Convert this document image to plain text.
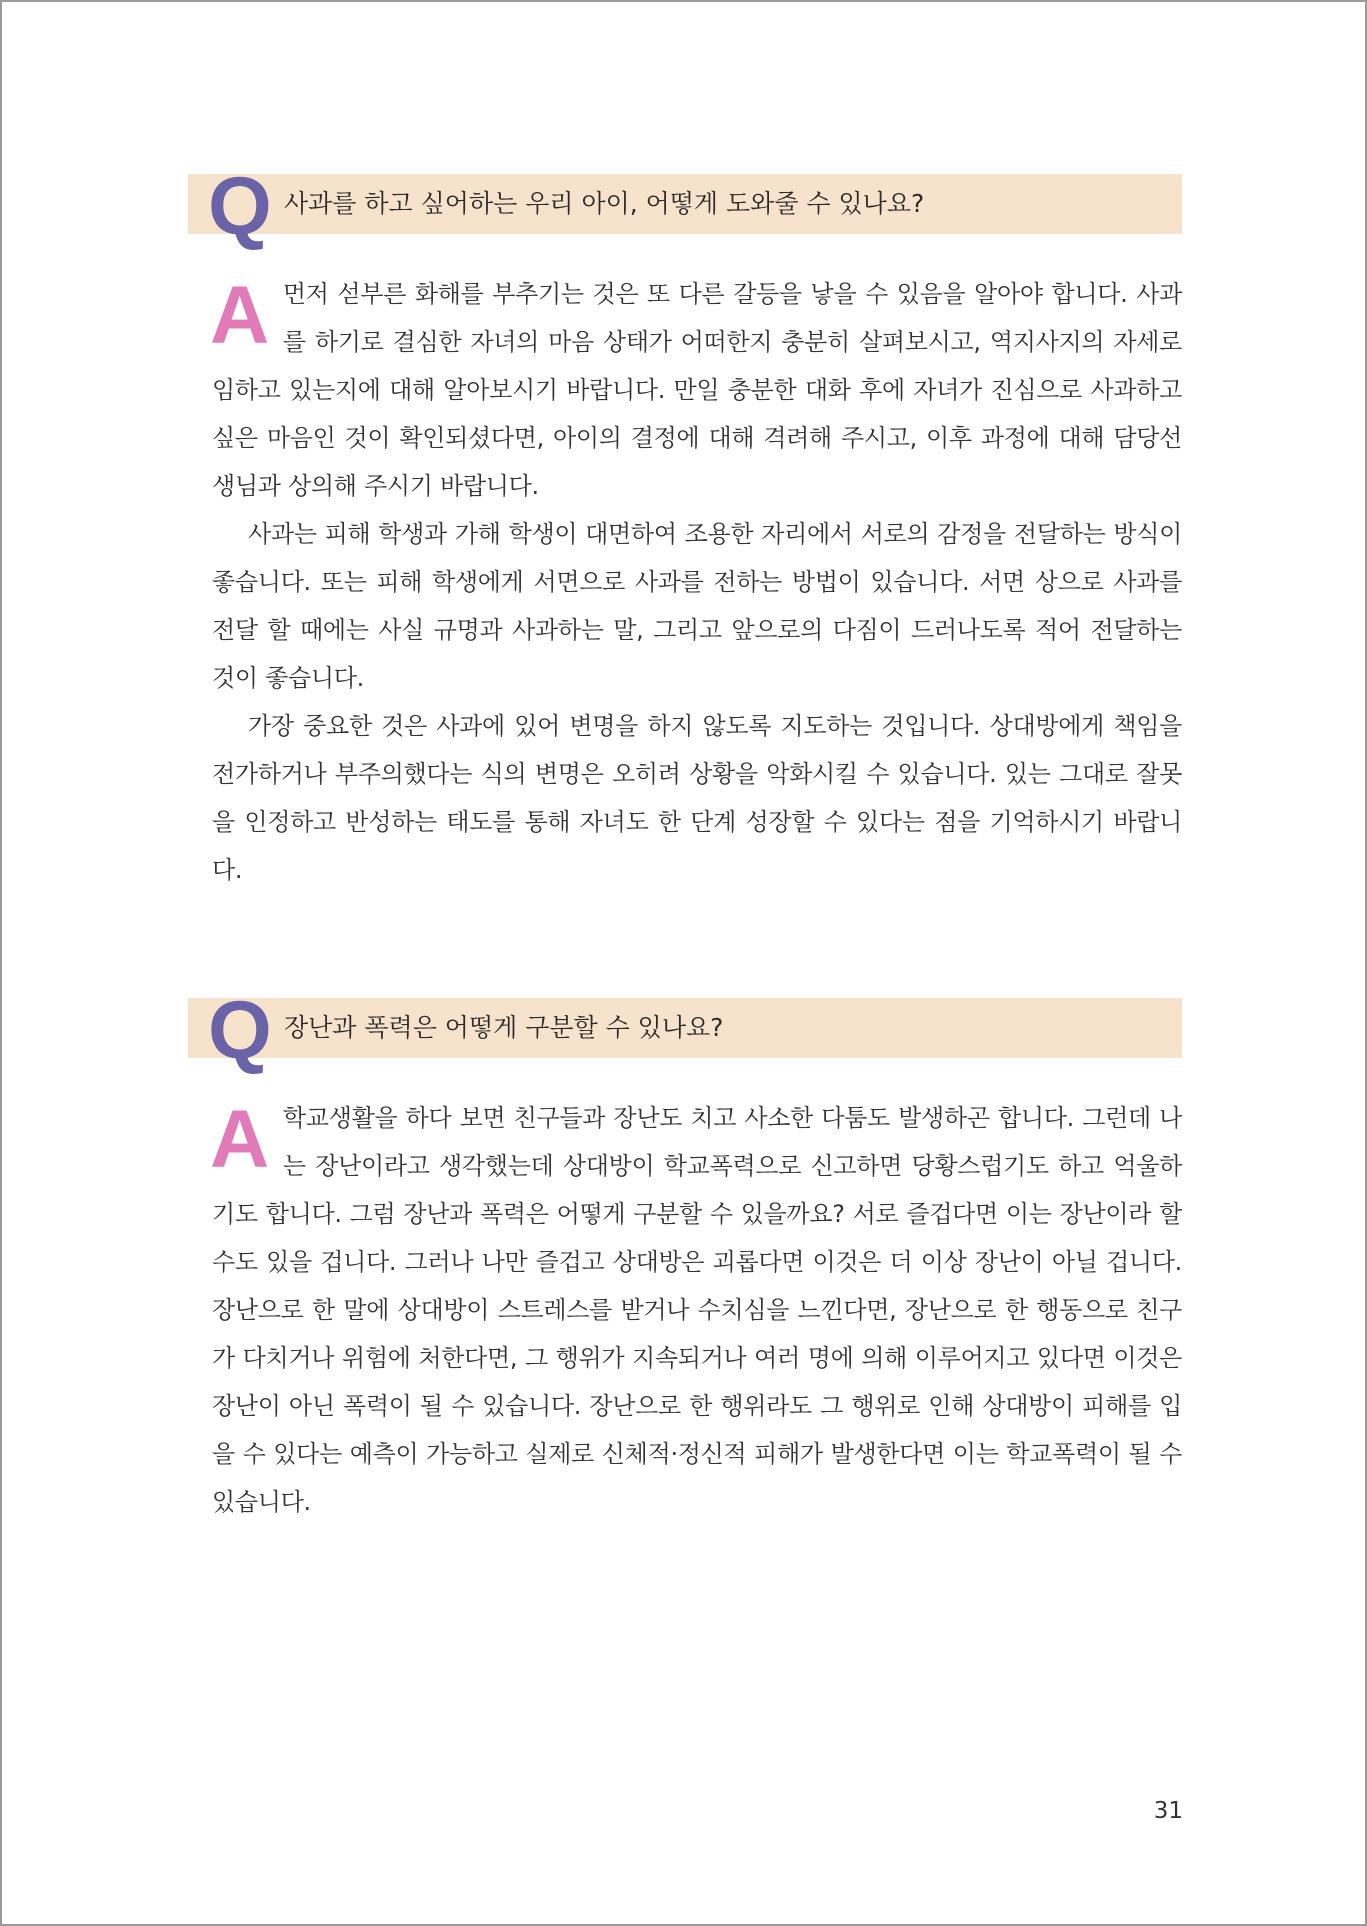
Q 사과를 하고 싶어하는 우리 아이, 어떻게 도와줄 수 있나요?
A 먼저 섣부른 화해를 부추기는 것은 또 다른 갈등을 낳을 수 있음을 알아야 합니다. 사과를 하기로 결심한 자녀의 마음 상태가 어떠한지 충분히 살펴보시고, 역지사지의 자세로 임하고 있는지에 대해 알아보시기 바랍니다. 만일 충분한 대화 후에 자녀가 진심으로 사과하고 싶은 마음인 것이 확인되셨다면, 아이의 결정에 대해 격려해 주시고, 이후 과정에 대해 담당선생님과 상의해 주시기 바랍니다.

사과는 피해 학생과 가해 학생이 대면하여 조용한 자리에서 서로의 감정을 전달하는 방식이 좋습니다. 또는 피해 학생에게 서면으로 사과를 전하는 방법이 있습니다. 서면 상으로 사과를 전달 할 때에는 사실 규명과 사과하는 말, 그리고 앞으로의 다짐이 드러나도록 적어 전달하는 것이 좋습니다.

가장 중요한 것은 사과에 있어 변명을 하지 않도록 지도하는 것입니다. 상대방에게 책임을 전가하거나 부주의했다는 식의 변명은 오히려 상황을 악화시킬 수 있습니다. 있는 그대로 잘못을 인정하고 반성하는 태도를 통해 자녀도 한 단계 성장할 수 있다는 점을 기억하시기 바랍니다.

Q 장난과 폭력은 어떻게 구분할 수 있나요?
A 학교생활을 하다 보면 친구들과 장난도 치고 사소한 다툼도 발생하곤 합니다. 그런데 나는 장난이라고 생각했는데 상대방이 학교폭력으로 신고하면 당황스럽기도 하고 억울하기도 합니다. 그럼 장난과 폭력은 어떻게 구분할 수 있을까요? 서로 즐겁다면 이는 장난이라 할 수도 있을 겁니다. 그러나 나만 즐겁고 상대방은 괴롭다면 이것은 더 이상 장난이 아닐 겁니다. 장난으로 한 말에 상대방이 스트레스를 받거나 수치심을 느낀다면, 장난으로 한 행동으로 친구가 다치거나 위험에 처한다면, 그 행위가 지속되거나 여러 명에 의해 이루어지고 있다면 이것은 장난이 아닌 폭력이 될 수 있습니다. 장난으로 한 행위라도 그 행위로 인해 상대방이 피해를 입을 수 있다는 예측이 가능하고 실제로 신체적·정신적 피해가 발생한다면 이는 학교폭력이 될 수 있습니다.

31
